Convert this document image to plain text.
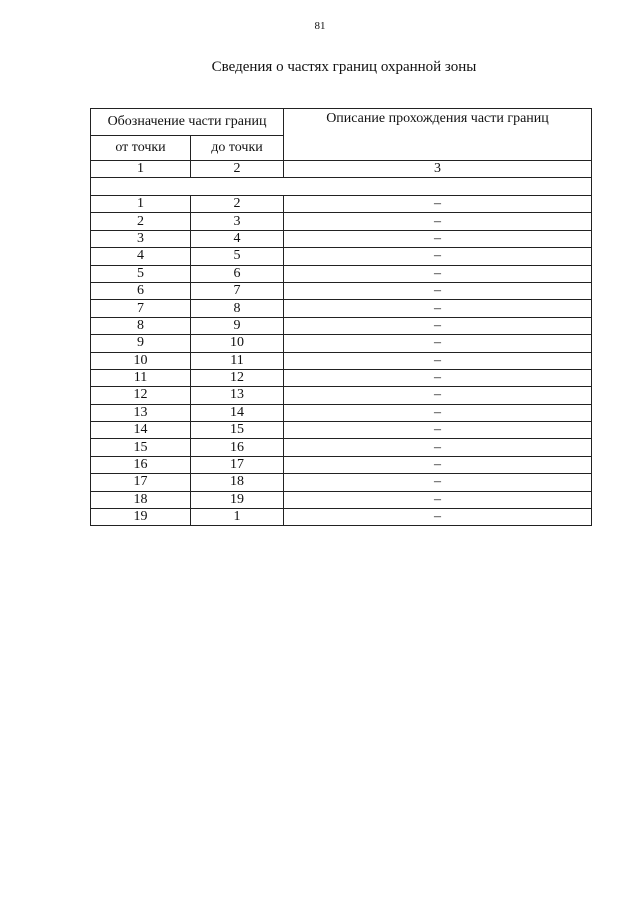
81
Сведения о частях границ охранной зоны
Обозначение части границ		Описание прохождения части границ
от точки	до точки	
1	2	3

1	2	–
2	3	–
3	4	–
4	5	–
5	6	–
6	7	–
7	8	–
8	9	–
9	10	–
10	11	–
11	12	–
12	13	–
13	14	–
14	15	–
15	16	–
16	17	–
17	18	–
18	19	–
19	1	–
